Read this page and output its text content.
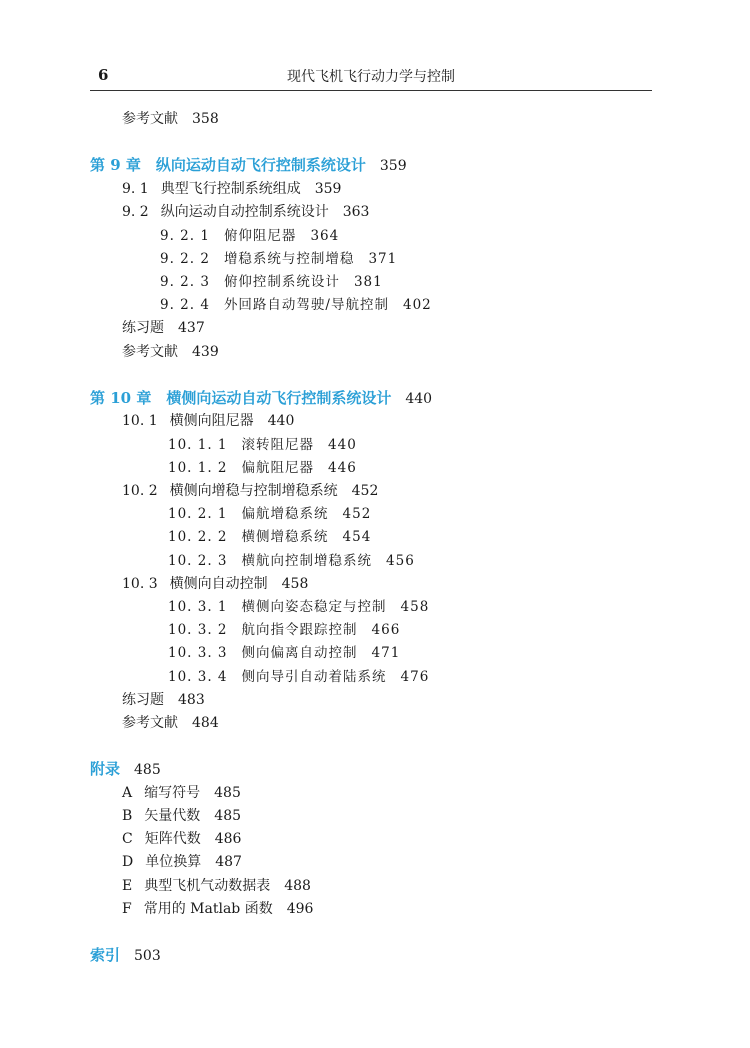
6	现代飞机飞行动力学与控制
参考文献 358
第 9 章　纵向运动自动飞行控制系统设计 359
9. 1 典型飞行控制系统组成 359
9. 2 纵向运动自动控制系统设计 363
9. 2. 1 俯仰阻尼器 364
9. 2. 2 增稳系统与控制增稳 371
9. 2. 3 俯仰控制系统设计 381
9. 2. 4 外回路自动驾驶/导航控制 402
练习题 437
参考文献 439
第 10 章　横侧向运动自动飞行控制系统设计 440
10. 1 横侧向阻尼器 440
10. 1. 1 滚转阻尼器 440
10. 1. 2 偏航阻尼器 446
10. 2 横侧向增稳与控制增稳系统 452
10. 2. 1 偏航增稳系统 452
10. 2. 2 横侧增稳系统 454
10. 2. 3 横航向控制增稳系统 456
10. 3 横侧向自动控制 458
10. 3. 1 横侧向姿态稳定与控制 458
10. 3. 2 航向指令跟踪控制 466
10. 3. 3 侧向偏离自动控制 471
10. 3. 4 侧向导引自动着陆系统 476
练习题 483
参考文献 484
附录 485
A 缩写符号 485
B 矢量代数 485
C 矩阵代数 486
D 单位换算 487
E 典型飞机气动数据表 488
F 常用的 Matlab 函数 496
索引 503
